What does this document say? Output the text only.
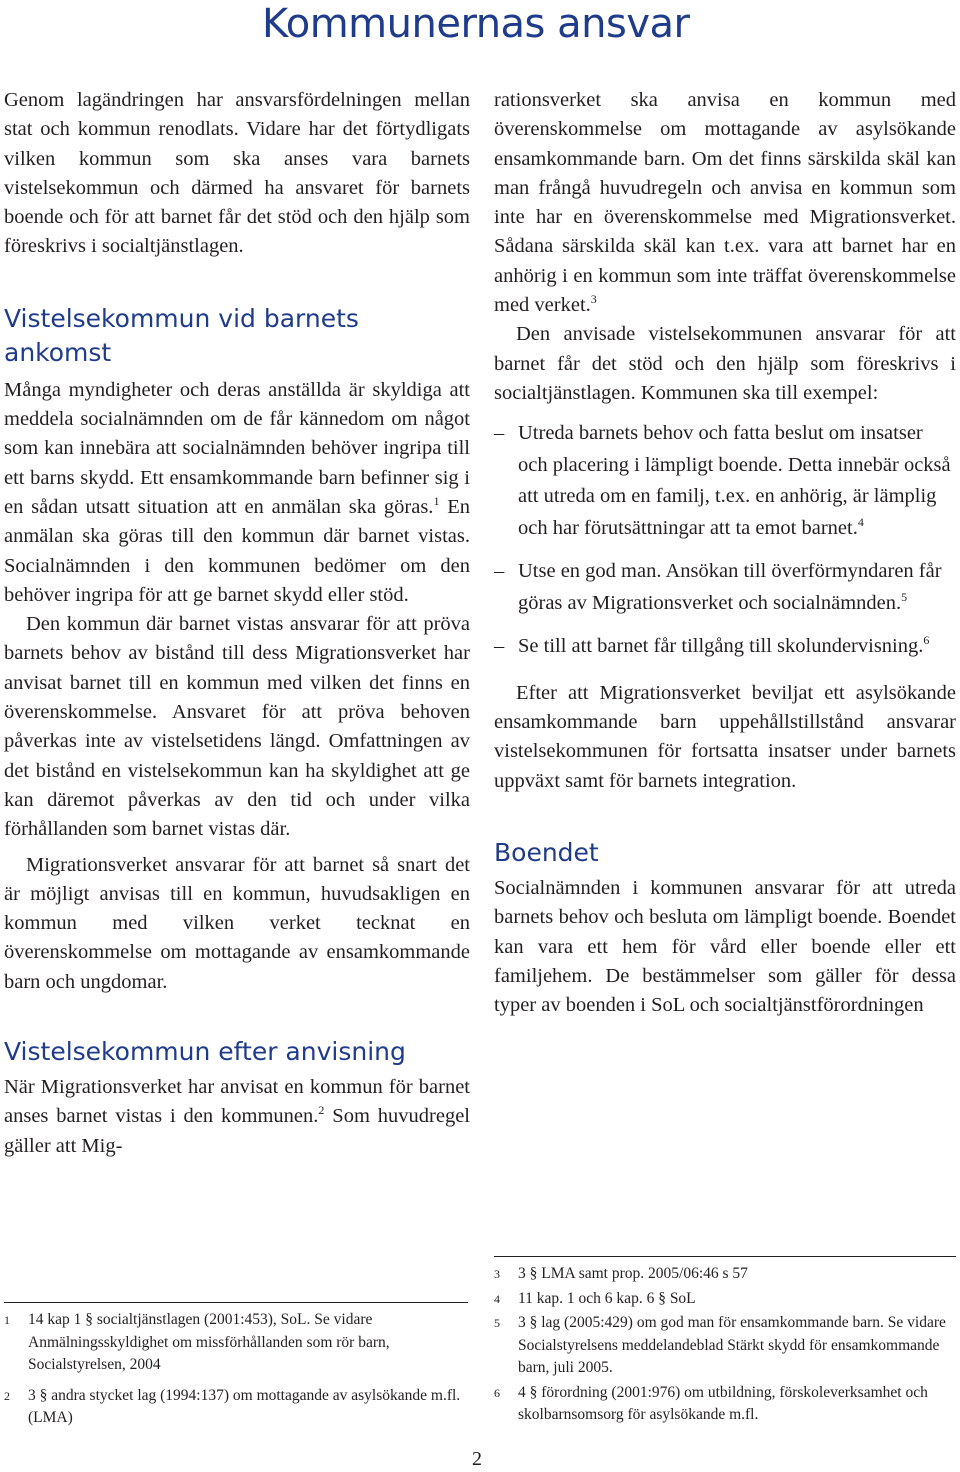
Kommunernas ansvar

Genom lagändringen har ansvarsfördelningen mellan stat och kommun renodlats. Vidare har det förtydligats vilken kommun som ska anses vara barnets vistelsekommun och därmed ha ansvaret för barnets boende och för att barnet får det stöd och den hjälp som föreskrivs i socialtjänstlagen.

Vistelsekommun vid barnets ankomst

Många myndigheter och deras anställda är skyldiga att meddela socialnämnden om de får kännedom om något som kan innebära att socialnämnden behöver ingripa till ett barns skydd. Ett ensamkommande barn befinner sig i en sådan utsatt situation att en anmälan ska göras.$^1$ En anmälan ska göras till den kommun där barnet vistas. Socialnämnden i den kommunen bedömer om den behöver ingripa för att ge barnet skydd eller stöd.

Den kommun där barnet vistas ansvarar för att pröva barnets behov av bistånd till dess Migrationsverket har anvisat barnet till en kommun med vilken det finns en överenskommelse. Ansvaret för att pröva behoven påverkas inte av vistelsetidens längd. Omfattningen av det bistånd en vistelsekommun kan ha skyldighet att ge kan däremot påverkas av den tid och under vilka förhållanden som barnet vistas där.

Migrationsverket ansvarar för att barnet så snart det är möjligt anvisas till en kommun, huvudsakligen en kommun med vilken verket tecknat en överenskommelse om mottagande av ensamkommande barn och ungdomar.

Vistelsekommun efter anvisning

När Migrationsverket har anvisat en kommun för barnet anses barnet vistas i den kommunen.$^2$ Som huvudregel gäller att Mig-

1 14 kap 1 § socialtjänstlagen (2001:453), SoL. Se vidare Anmälningsskyldighet om missförhållanden som rör barn, Socialstyrelsen, 2004
2 3 § andra stycket lag (1994:137) om mottagande av asylsökande m.fl. (LMA)

rationsverket ska anvisa en kommun med överenskommelse om mottagande av asylsökande ensamkommande barn. Om det finns särskilda skäl kan man frångå huvudregeln och anvisa en kommun som inte har en överenskommelse med Migrationsverket. Sådana särskilda skäl kan t.ex. vara att barnet har en anhörig i en kommun som inte träffat överenskommelse med verket.$^3$

Den anvisade vistelsekommunen ansvarar för att barnet får det stöd och den hjälp som föreskrivs i socialtjänstlagen. Kommunen ska till exempel:

– Utreda barnets behov och fatta beslut om insatser och placering i lämpligt boende. Detta innebär också att utreda om en familj, t.ex. en anhörig, är lämplig och har förutsättningar att ta emot barnet.$^4$
– Utse en god man. Ansökan till överförmyndaren får göras av Migrationsverket och socialnämnden.$^5$
– Se till att barnet får tillgång till skolundervisning.$^6$

Efter att Migrationsverket beviljat ett asylsökande ensamkommande barn uppehållstillstånd ansvarar vistelsekommunen för fortsatta insatser under barnets uppväxt samt för barnets integration.

Boendet

Socialnämnden i kommunen ansvarar för att utreda barnets behov och besluta om lämpligt boende. Boendet kan vara ett hem för vård eller boende eller ett familjehem. De bestämmelser som gäller för dessa typer av boenden i SoL och socialtjänstförordningen

3 3 § LMA samt prop. 2005/06:46 s 57
4 11 kap. 1 och 6 kap. 6 § SoL
5 3 § lag (2005:429) om god man för ensamkommande barn. Se vidare Socialstyrelsens meddelandeblad Stärkt skydd för ensamkommande barn, juli 2005.
6 4 § förordning (2001:976) om utbildning, förskoleverksamhet och skolbarnsomsorg för asylsökande m.fl.
2
